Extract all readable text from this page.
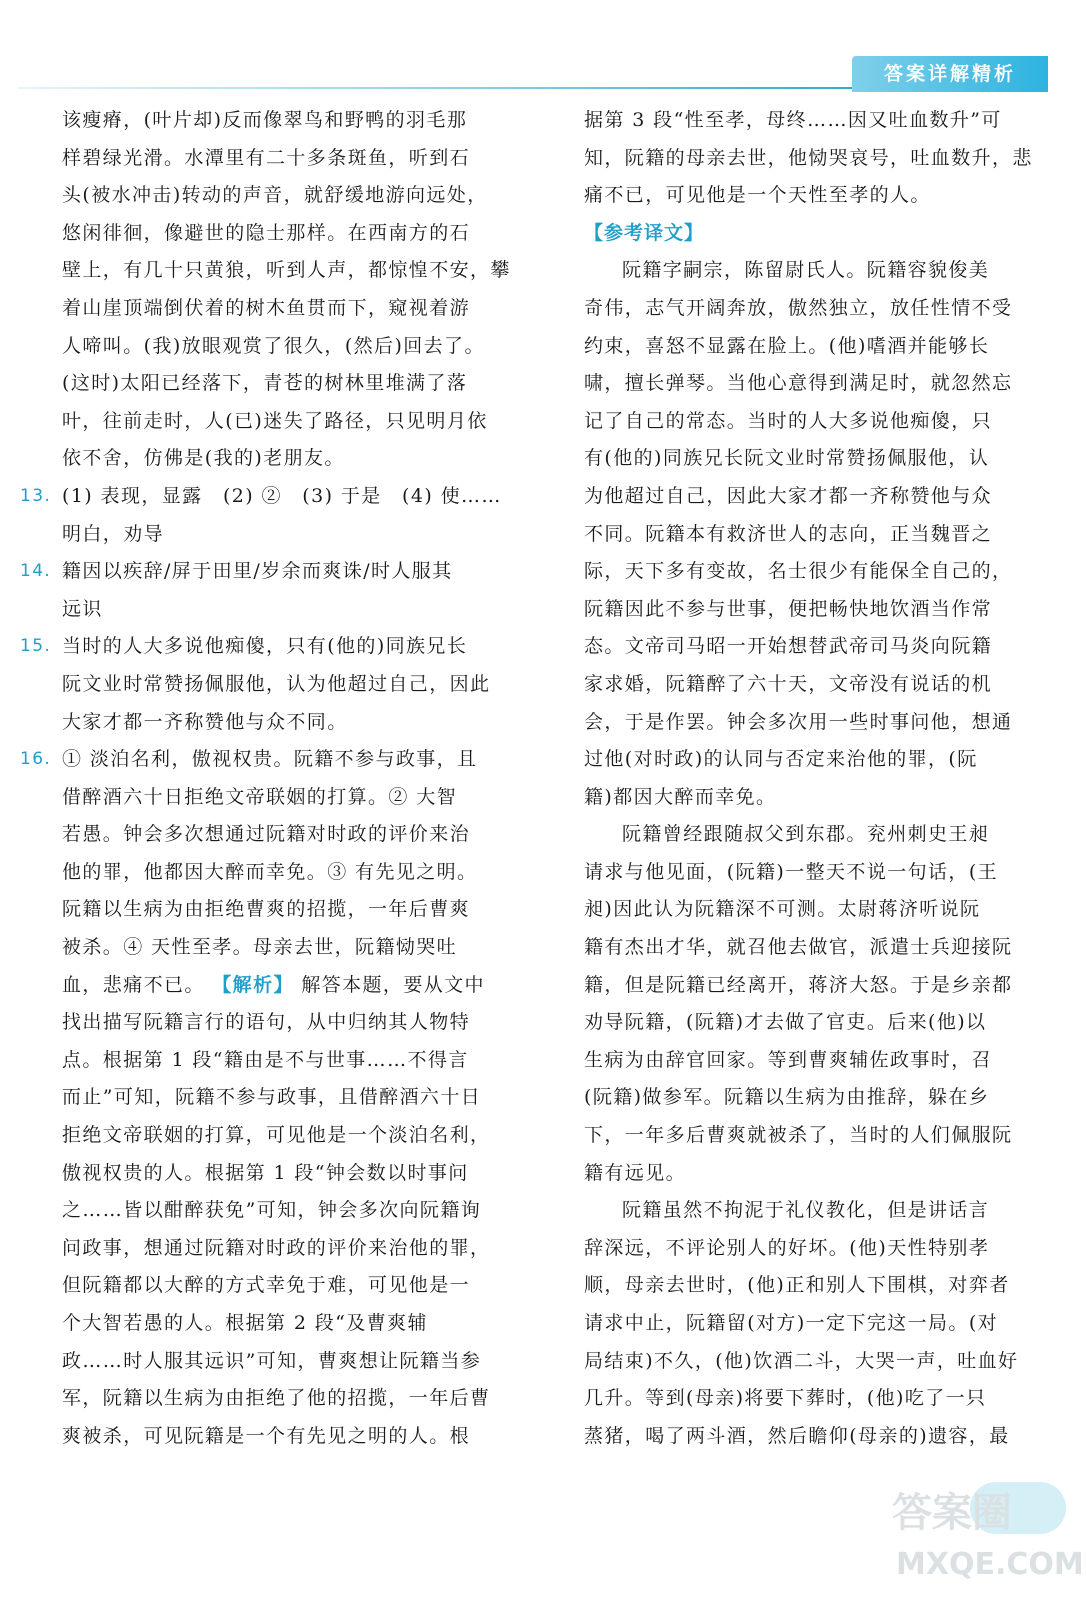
答案详解精析
该瘦瘠，(叶片却)反而像翠鸟和野鸭的羽毛那
样碧绿光滑。水潭里有二十多条斑鱼，听到石
头(被水冲击)转动的声音，就舒缓地游向远处，
悠闲徘徊，像避世的隐士那样。在西南方的石
壁上，有几十只黄狼，听到人声，都惊惶不安，攀
着山崖顶端倒伏着的树木鱼贯而下，窥视着游
人啼叫。(我)放眼观赏了很久，(然后)回去了。
(这时)太阳已经落下，青苍的树林里堆满了落
叶，往前走时，人(已)迷失了路径，只见明月依
依不舍，仿佛是(我的)老朋友。
13. (1) 表现，显露　(2) ②　(3) 于是　(4) 使……
明白，劝导
14. 籍因以疾辞/屏于田里/岁余而爽诛/时人服其
远识
15. 当时的人大多说他痴傻，只有(他的)同族兄长
阮文业时常赞扬佩服他，认为他超过自己，因此
大家才都一齐称赞他与众不同。
16. ① 淡泊名利，傲视权贵。阮籍不参与政事，且
借醉酒六十日拒绝文帝联姻的打算。② 大智
若愚。钟会多次想通过阮籍对时政的评价来治
他的罪，他都因大醉而幸免。③ 有先见之明。
阮籍以生病为由拒绝曹爽的招揽，一年后曹爽
被杀。④ 天性至孝。母亲去世，阮籍恸哭吐
血，悲痛不已。 【解析】 解答本题，要从文中
找出描写阮籍言行的语句，从中归纳其人物特
点。根据第 1 段“籍由是不与世事……不得言
而止”可知，阮籍不参与政事，且借醉酒六十日
拒绝文帝联姻的打算，可见他是一个淡泊名利，
傲视权贵的人。根据第 1 段“钟会数以时事问
之……皆以酣醉获免”可知，钟会多次向阮籍询
问政事，想通过阮籍对时政的评价来治他的罪，
但阮籍都以大醉的方式幸免于难，可见他是一
个大智若愚的人。根据第 2 段“及曹爽辅
政……时人服其远识”可知，曹爽想让阮籍当参
军，阮籍以生病为由拒绝了他的招揽，一年后曹
爽被杀，可见阮籍是一个有先见之明的人。根
据第 3 段“性至孝，母终……因又吐血数升”可
知，阮籍的母亲去世，他恸哭哀号，吐血数升，悲
痛不已，可见他是一个天性至孝的人。
【参考译文】
阮籍字嗣宗，陈留尉氏人。阮籍容貌俊美
奇伟，志气开阔奔放，傲然独立，放任性情不受
约束，喜怒不显露在脸上。(他)嗜酒并能够长
啸，擅长弹琴。当他心意得到满足时，就忽然忘
记了自己的常态。当时的人大多说他痴傻，只
有(他的)同族兄长阮文业时常赞扬佩服他，认
为他超过自己，因此大家才都一齐称赞他与众
不同。阮籍本有救济世人的志向，正当魏晋之
际，天下多有变故，名士很少有能保全自己的，
阮籍因此不参与世事，便把畅快地饮酒当作常
态。文帝司马昭一开始想替武帝司马炎向阮籍
家求婚，阮籍醉了六十天，文帝没有说话的机
会，于是作罢。钟会多次用一些时事问他，想通
过他(对时政)的认同与否定来治他的罪，(阮
籍)都因大醉而幸免。
阮籍曾经跟随叔父到东郡。兖州刺史王昶
请求与他见面，(阮籍)一整天不说一句话，(王
昶)因此认为阮籍深不可测。太尉蒋济听说阮
籍有杰出才华，就召他去做官，派遣士兵迎接阮
籍，但是阮籍已经离开，蒋济大怒。于是乡亲都
劝导阮籍，(阮籍)才去做了官吏。后来(他)以
生病为由辞官回家。等到曹爽辅佐政事时，召
(阮籍)做参军。阮籍以生病为由推辞，躲在乡
下，一年多后曹爽就被杀了，当时的人们佩服阮
籍有远见。
阮籍虽然不拘泥于礼仪教化，但是讲话言
辞深远，不评论别人的好坏。(他)天性特别孝
顺，母亲去世时，(他)正和别人下围棋，对弈者
请求中止，阮籍留(对方)一定下完这一局。(对
局结束)不久，(他)饮酒二斗，大哭一声，吐血好
几升。等到(母亲)将要下葬时，(他)吃了一只
蒸猪，喝了两斗酒，然后瞻仰(母亲的)遗容，最
答案圈
MXQE.COM
